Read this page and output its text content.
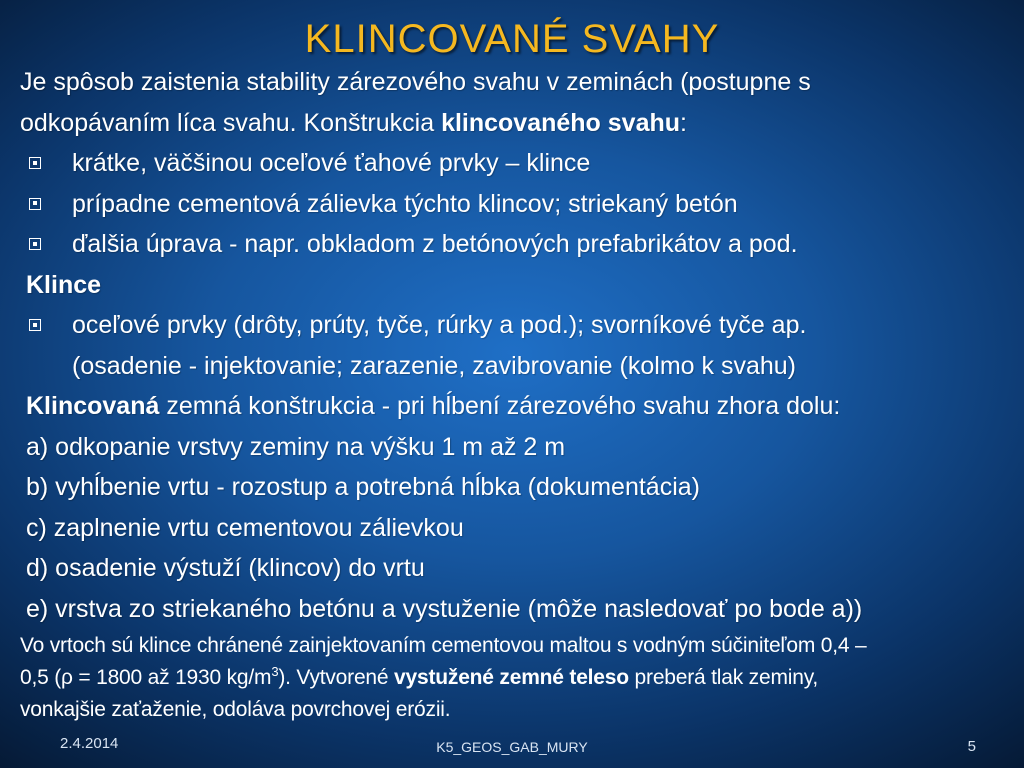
KLINCOVANÉ SVAHY
Je spôsob zaistenia stability zárezového svahu v zeminách (postupne s
odkopávaním líca svahu. Konštrukcia klincovaného svahu:
krátke, väčšinou oceľové ťahové prvky – klince
prípadne cementová zálievka týchto klincov; striekaný betón
ďalšia úprava - napr. obkladom z betónových prefabrikátov a pod.
Klince
oceľové prvky (drôty, prúty, tyče, rúrky a pod.); svorníkové tyče ap.
(osadenie - injektovanie; zarazenie, zavibrovanie (kolmo k svahu)
Klincovaná zemná konštrukcia - pri hĺbení zárezového svahu zhora dolu:
a) odkopanie vrstvy zeminy na výšku 1 m až 2 m
b) vyhĺbenie vrtu - rozostup a potrebná hĺbka (dokumentácia)
c) zaplnenie vrtu cementovou zálievkou
d) osadenie výstuží (klincov) do vrtu
e) vrstva zo striekaného betónu a vystuženie (môže nasledovať po bode a))
Vo vrtoch sú klince chránené zainjektovaním cementovou maltou s vodným súčiniteľom 0,4 –
0,5 (ρ = 1800 až 1930 $kg/m^3$). Vytvorené vystužené zemné teleso preberá tlak zeminy,
vonkajšie zaťaženie, odoláva povrchovej erózii.
2.4.2014	K5_GEOS_GAB_MURY	5
